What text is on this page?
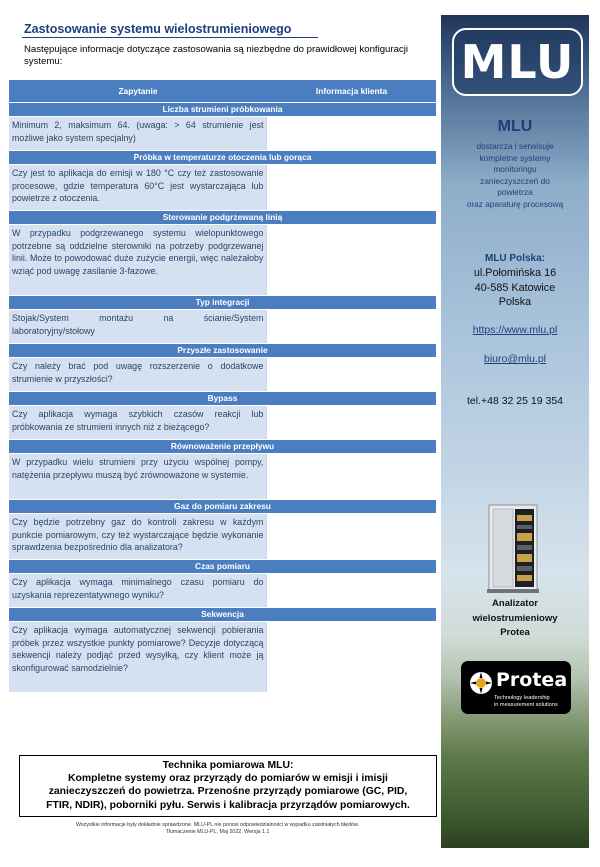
Zastosowanie systemu wielostrumieniowego
Następujące informacje dotyczące zastosowania są niezbędne do prawidłowej konfiguracji systemu:
Zapytanie	Informacja klienta
Liczba strumieni próbkowania
Minimum 2, maksimum 64. (uwaga: > 64 strumienie jest możliwe jako system specjalny)
Próbka w temperaturze otoczenia lub gorąca
Czy jest to aplikacja do emisji w 180 °C czy też zastosowanie procesowe, gdzie temperatura 60°C jest wystarczająca lub powietrze z otoczenia.
Sterowanie podgrzewaną linią
W przypadku podgrzewanego systemu wielopunktowego potrzebne są oddzielne sterowniki na potrzeby podgrzewanej linii. Może to powodować duże zużycie energii, więc należałoby wziąć pod uwagę zasilanie 3-fazowe.
Typ integracji
Stojak/System montażu na ścianie/System laboratoryjny/stołowy
Przyszłe zastosowanie
Czy należy brać pod uwagę rozszerzenie o dodatkowe strumienie w przyszłości?
Bypass
Czy aplikacja wymaga szybkich czasów reakcji lub próbkowania ze strumieni innych niż z bieżącego?
Równoważenie przepływu
W przypadku wielu strumieni przy użyciu wspólnej pompy, natężenia przepływu muszą być zrównoważone w systemie.
Gaz do pomiaru zakresu
Czy będzie potrzebny gaz do kontroli zakresu w każdym punkcie pomiarowym, czy też wystarczające będzie wykonanie sprawdzenia bezpośrednio dla analizatora?
Czas pomiaru
Czy aplikacja wymaga minimalnego czasu pomiaru do uzyskania reprezentatywnego wyniku?
Sekwencja
Czy aplikacja wymaga automatycznej sekwencji pobierania próbek przez wszystkie punkty pomiarowe? Decyzje dotyczącą sekwencji należy podjąć przed wysyłką, czy klient może ją skonfigurować samodzielnie?
MLU
MLU
dostarcza i serwisuje
kompletne systemy
monitoringu
zanieczyszczeń do
powietrza
oraz aparaturę procesową
MLU Polska:
ul.Połomińska 16
40-585 Katowice
Polska
https://www.mlu.pl
biuro@mlu.pl
tel.+48 32 25 19 354
Analizator
wielostrumieniowy
Protea
Protea
Technology leadership
in measurement solutions
Technika pomiarowa MLU:
Kompletne systemy oraz przyrządy do pomiarów w emisji i imisji
zanieczyszczeń do powietrza. Przenośne przyrządy pomiarowe (GC, PID,
FTIR, NDIR), poborniki pyłu. Serwis i kalibracja przyrządów pomiarowych.
Wszystkie informacje były dokładnie sprawdzone. MLU-PL nie ponosi odpowiedzialności w wypadku zaistniałych błędów.
Tłumaczenie MLU-PL, Maj 2022. Wersja 1.1
